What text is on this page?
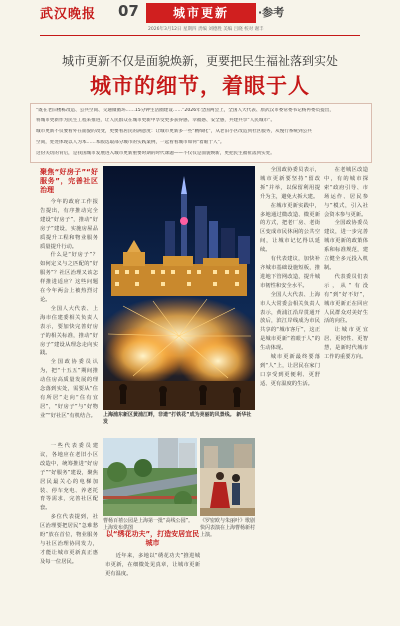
武汉晚报 07	城市更新	·参考
2026年3月12日 星期四 责编 刘德胜 美编 吕晓 校对 谢丰
城市更新不仅是面貌焕新，更要把民生福祉落到实处
城市的细节，着眼于人
“既在老旧楼栋改造、公共空间、交通微循环……15分钟生活圈建设……”2026年全国两会上，全国人大代表、原武汉市委常委书记杨冉委员提出，
将城市更新作为民生工程来推进，让人民群众在城市更新中享受更多获得感、幸福感、安全感，共建共享“人民城市”。
城市更新不仅要看外在面貌的改变，更要看居民的满意度：让城市更新多一些“精细化”，从老旧小区改造到社区服务，从慢行系统到公共
空间，处处体现以人为本……本版选取部分城市的实践案例，一起看看城市如何“着眼于人”。
这份关切的背后，是我国城市发展进入城市更新重要时期的时代课题——不仅仅是面貌焕新，更把民生福祉落到实处。
聚焦“好房子”“好服务”，完善社区治理

今年的政府工作报告提出，有序推动完全建设“好房子”，推动“好房子”建设，实施房屋品质提升工程和物业服务质量提升行动。

什么是“好房子”？如何定义与之匹配的“好服务”？社区治理又该怎样推进适应？这些问题在今年两会上被热烈讨论。

全国人大代表、上海市住建委相关负责人表示，要加快完善好房子的相关标准，推动“好房子”建设从理念走向实践。

全国政协委员认为，把“十五五”期间推动住房高质量发展的理念落到实处，需要从“住有所居”走向“住有宜居”，“好房子”与“好物业”“好社区”有机结合。

一些代表委员建议，各地应在老旧小区改造中，统筹推进“好房子”“好服务”建设，聚焦居民最关心的电梯加装、停车充电、养老托育等需求，完善社区配套。

多位代表提到，社区治理要把居民“急难愁盼”放在首位，物业服务与社区治理协同发力，才能让城市更新真正惠及每一位居民。

上海浦东新区黄浦江畔，非遗“打铁花”成为亮丽的风景线。 新华社发
曹杨百禧公园是上海第一批“高线公园”。 上海发布供图
《罗密欧与朱丽叶》歌剧快闪表演在上海曹杨新村上演。
以“绣花功夫”，打造安居宜民城市

近年来，多地以“绣花功夫”推进城市更新，在细微处见真章，让城市更新更有温度。

全国政协委员表示，城市更新要坚持“留改拆”并举，以保留利用提升为主，避免大拆大建。

在城市更新实践中，多地通过微改造、微更新的方式，把老厂房、老街区变成市民休闲的公共空间，让城市记忆得以延续。

有代表建议，加快补齐城市基础设施短板，推进地下管网改造，提升城市韧性和安全水平。

全国人大代表、上海市人大常委会相关负责人表示，黄浦江沿岸贯通开放后，滨江岸线成为市民共享的“城市客厅”，这正是城市更新“着眼于人”的生动体现。

城市更新最终要落到“人”上，让居民在家门口享受到更便利、更舒适、更有温度的生活。

在老城区改造中，有的城市探索“政府引导、市场运作、居民参与”模式，引入社会资本参与更新。

全国政协委员建议，进一步完善城市更新的政策体系和标准规范，建立健全多元投入机制。

代表委员们表示，从“有没有”到“好不好”，城市更新正在回应人民群众对美好生活的向往。

让城市更宜居、更韧性、更智慧，是新时代城市工作的重要方向。
